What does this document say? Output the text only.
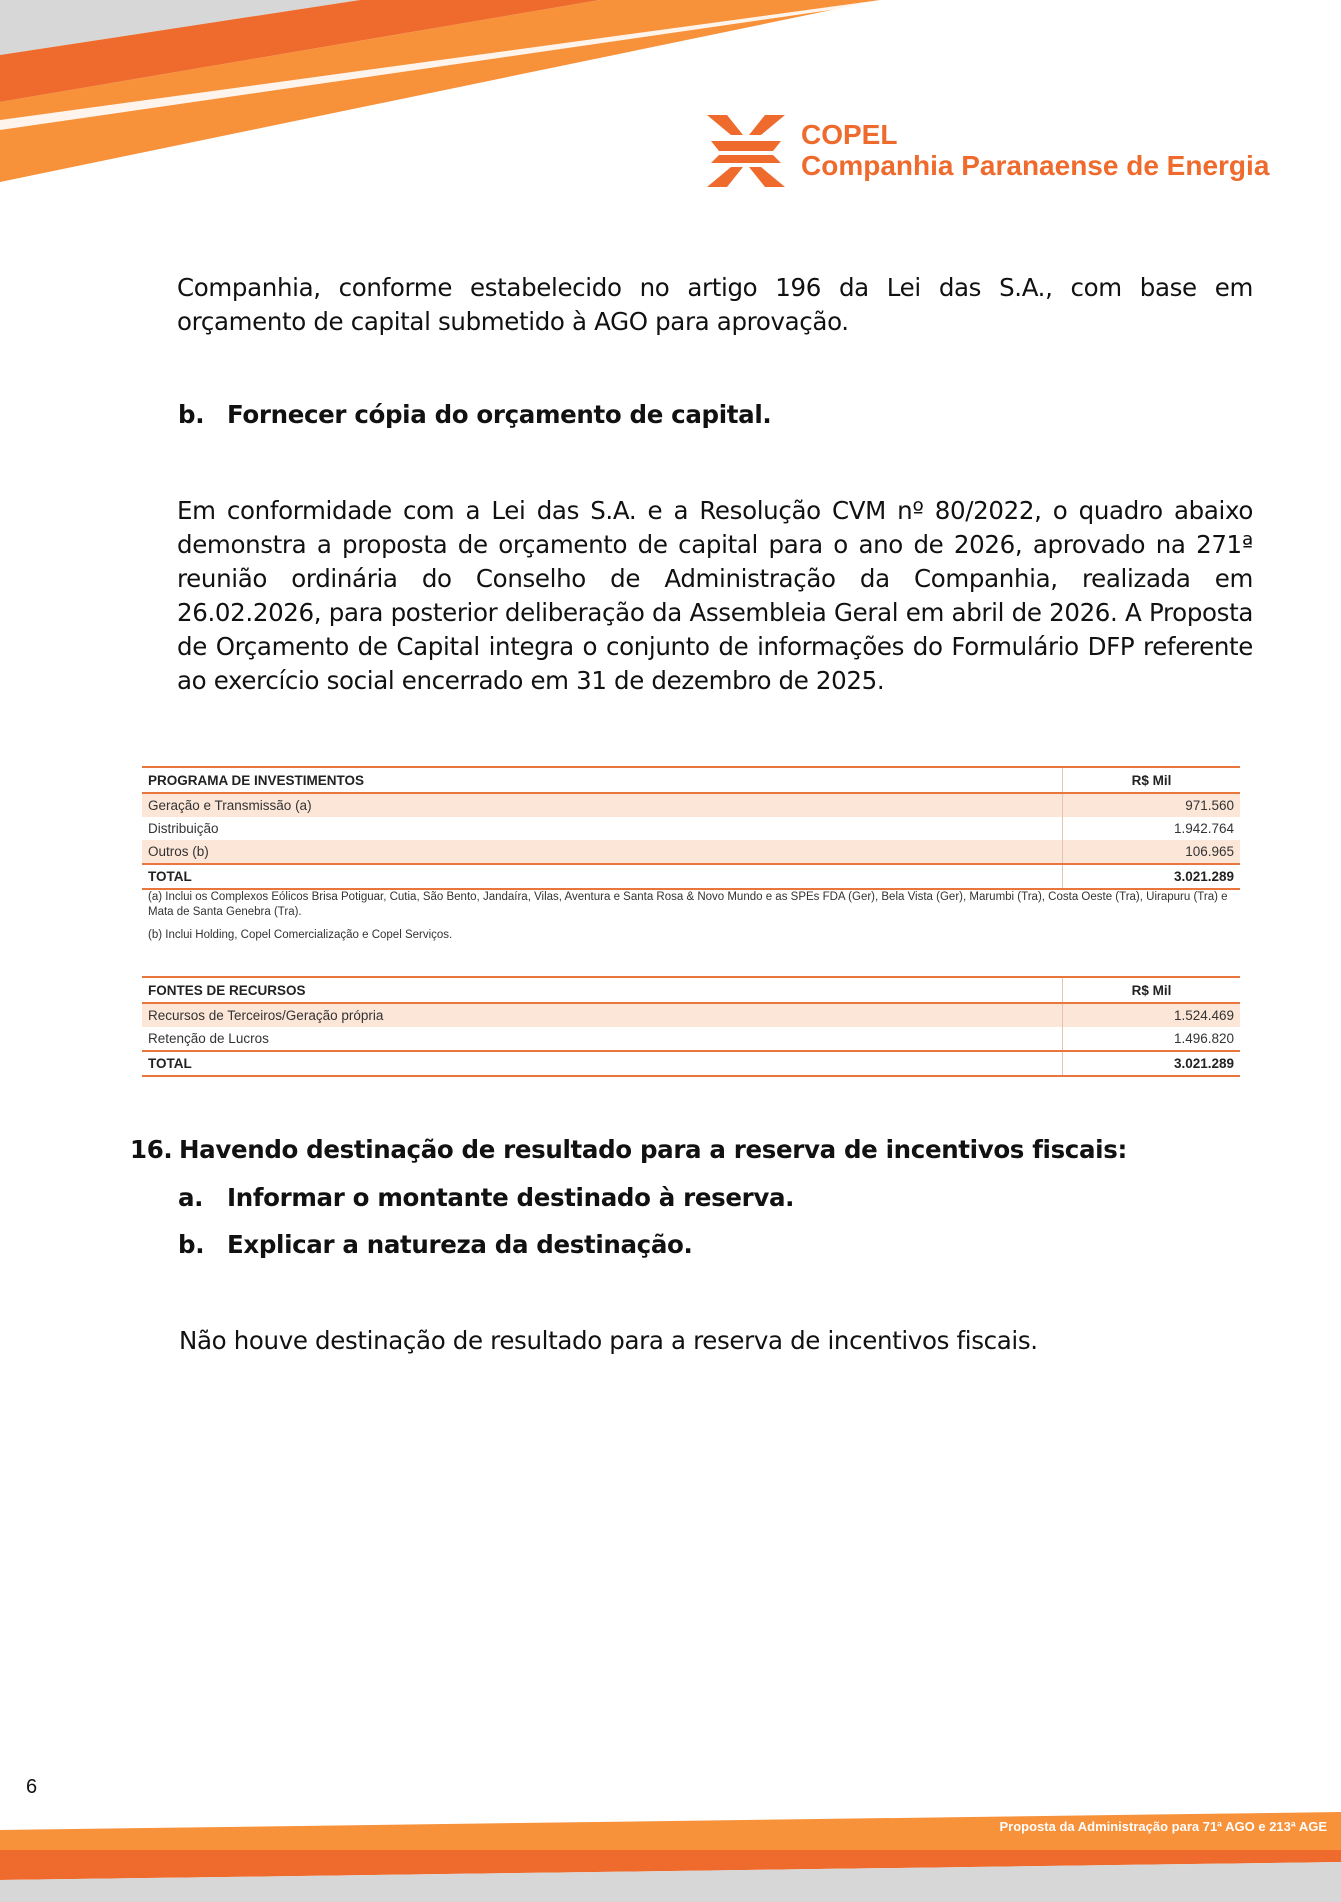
COPEL
Companhia Paranaense de Energia
Companhia, conforme estabelecido no artigo 196 da Lei das S.A., com base em orçamento de capital submetido à AGO para aprovação.
b. Fornecer cópia do orçamento de capital.
Em conformidade com a Lei das S.A. e a Resolução CVM nº 80/2022, o quadro abaixo demonstra a proposta de orçamento de capital para o ano de 2026, aprovado na 271ª reunião ordinária do Conselho de Administração da Companhia, realizada em 26.02.2026, para posterior deliberação da Assembleia Geral em abril de 2026. A Proposta de Orçamento de Capital integra o conjunto de informações do Formulário DFP referente ao exercício social encerrado em 31 de dezembro de 2025.
PROGRAMA DE INVESTIMENTOS	R$ Mil
Geração e Transmissão (a)	971.560
Distribuição	1.942.764
Outros (b)	106.965
TOTAL	3.021.289
(a) Inclui os Complexos Eólicos Brisa Potiguar, Cutia, São Bento, Jandaíra, Vilas, Aventura e Santa Rosa & Novo Mundo e as SPEs FDA (Ger), Bela Vista (Ger), Marumbi (Tra), Costa Oeste (Tra), Uirapuru (Tra) e Mata de Santa Genebra (Tra).
(b) Inclui Holding, Copel Comercialização e Copel Serviços.
FONTES DE RECURSOS	R$ Mil
Recursos de Terceiros/Geração própria	1.524.469
Retenção de Lucros	1.496.820
TOTAL	3.021.289
16. Havendo destinação de resultado para a reserva de incentivos fiscais:
a. Informar o montante destinado à reserva.
b. Explicar a natureza da destinação.
Não houve destinação de resultado para a reserva de incentivos fiscais.
6
Proposta da Administração para 71ª AGO e 213ª AGE
